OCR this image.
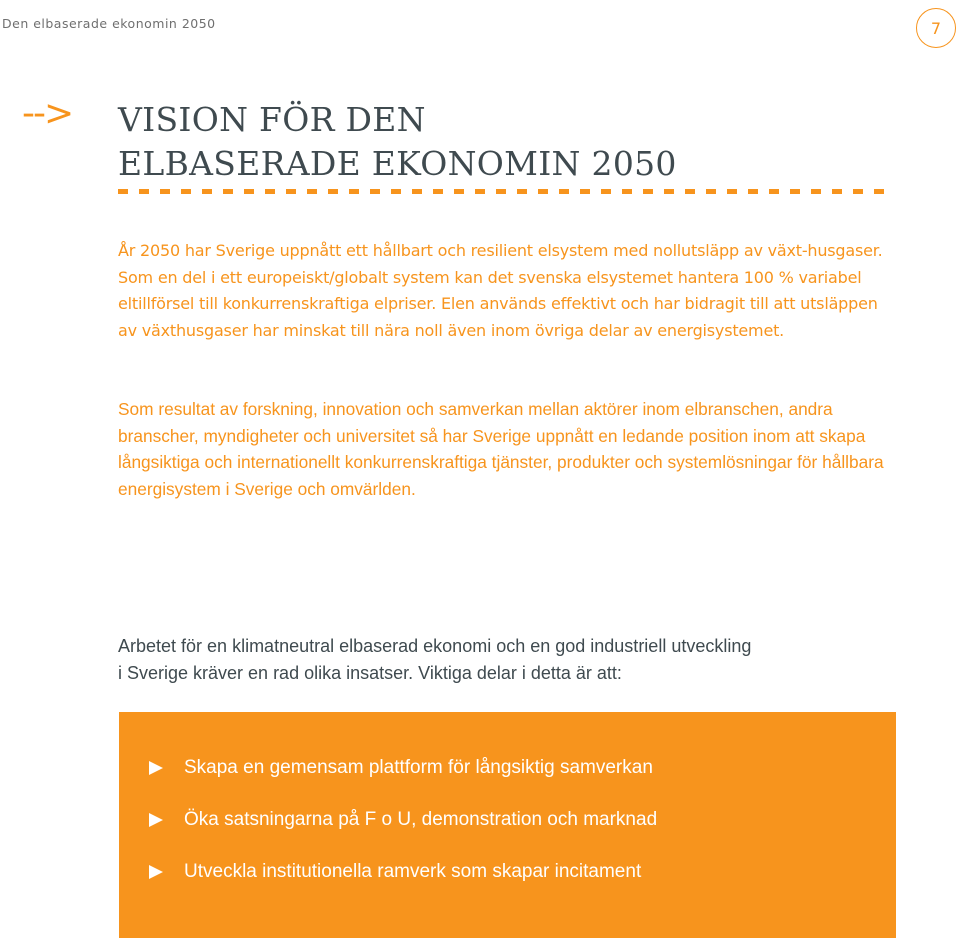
Den elbaserade ekonomin 2050	7
--> VISION FÖR DEN
ELBASERADE EKONOMIN 2050

År 2050 har Sverige uppnått ett hållbart och resilient elsystem med nollutsläpp av växt-husgaser. Som en del i ett europeiskt/globalt system kan det svenska elsystemet hantera 100 % variabel eltillförsel till konkurrenskraftiga elpriser. Elen används effektivt och har bidragit till att utsläppen av växthusgaser har minskat till nära noll även inom övriga delar av energisystemet.

Som resultat av forskning, innovation och samverkan mellan aktörer inom elbranschen, andra branscher, myndigheter och universitet så har Sverige uppnått en ledande position inom att skapa långsiktiga och internationellt konkurrenskraftiga tjänster, produkter och systemlösningar för hållbara energisystem i Sverige och omvärlden.

Arbetet för en klimatneutral elbaserad ekonomi och en god industriell utveckling
i Sverige kräver en rad olika insatser. Viktiga delar i detta är att:

Skapa en gemensam plattform för långsiktig samverkan
Öka satsningarna på F o U, demonstration och marknad
Utveckla institutionella ramverk som skapar incitament
